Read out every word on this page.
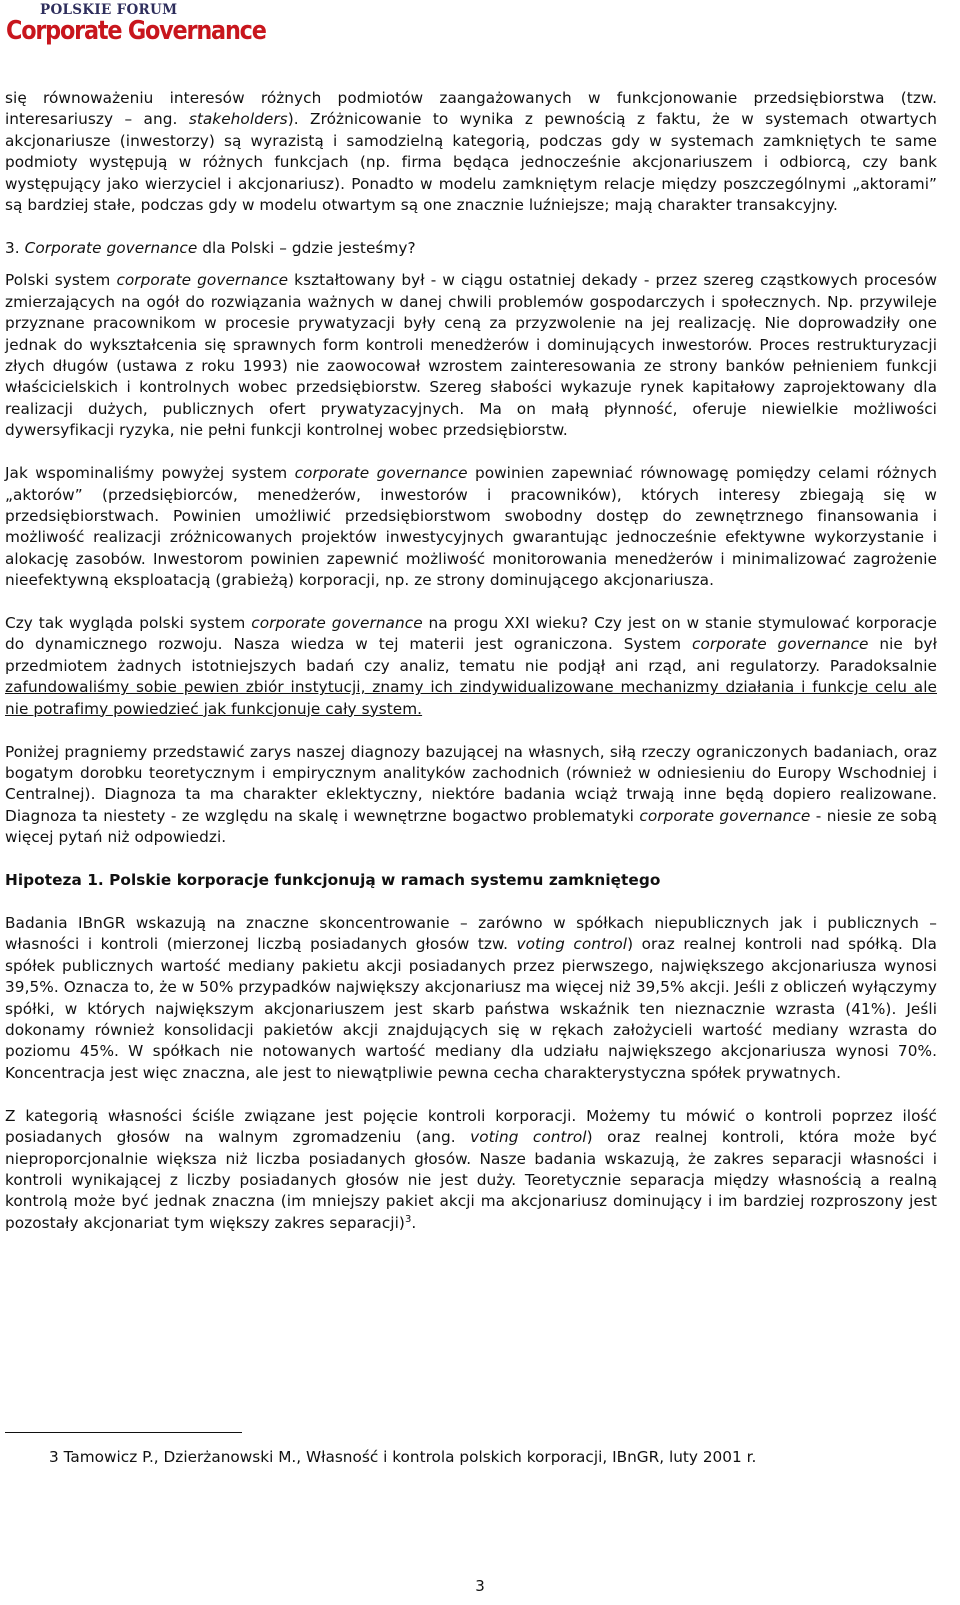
POLSKIE FORUM
Corporate Governance

się równoważeniu interesów różnych podmiotów zaangażowanych w funkcjonowanie przedsiębiorstwa (tzw. interesariuszy – ang. stakeholders). Zróżnicowanie to wynika z pewnością z faktu, że w systemach otwartych akcjonariusze (inwestorzy) są wyrazistą i samodzielną kategorią, podczas gdy w systemach zamkniętych te same podmioty występują w różnych funkcjach (np. firma będąca jednocześnie akcjonariuszem i odbiorcą, czy bank występujący jako wierzyciel i akcjonariusz). Ponadto w modelu zamkniętym relacje między poszczególnymi „aktorami” są bardziej stałe, podczas gdy w modelu otwartym są one znacznie luźniejsze; mają charakter transakcyjny.

3. Corporate governance dla Polski – gdzie jesteśmy?

Polski system corporate governance kształtowany był - w ciągu ostatniej dekady - przez szereg cząstkowych procesów zmierzających na ogół do rozwiązania ważnych w danej chwili problemów gospodarczych i społecznych. Np. przywileje przyznane pracownikom w procesie prywatyzacji były ceną za przyzwolenie na jej realizację. Nie doprowadziły one jednak do wykształcenia się sprawnych form kontroli menedżerów i dominujących inwestorów. Proces restrukturyzacji złych długów (ustawa z roku 1993) nie zaowocował wzrostem zainteresowania ze strony banków pełnieniem funkcji właścicielskich i kontrolnych wobec przedsiębiorstw. Szereg słabości wykazuje rynek kapitałowy zaprojektowany dla realizacji dużych, publicznych ofert prywatyzacyjnych. Ma on małą płynność, oferuje niewielkie możliwości dywersyfikacji ryzyka, nie pełni funkcji kontrolnej wobec przedsiębiorstw.

Jak wspominaliśmy powyżej system corporate governance powinien zapewniać równowagę pomiędzy celami różnych „aktorów” (przedsiębiorców, menedżerów, inwestorów i pracowników), których interesy zbiegają się w przedsiębiorstwach. Powinien umożliwić przedsiębiorstwom swobodny dostęp do zewnętrznego finansowania i możliwość realizacji zróżnicowanych projektów inwestycyjnych gwarantując jednocześnie efektywne wykorzystanie i alokację zasobów. Inwestorom powinien zapewnić możliwość monitorowania menedżerów i minimalizować zagrożenie nieefektywną eksploatacją (grabieżą) korporacji, np. ze strony dominującego akcjonariusza.

Czy tak wygląda polski system corporate governance na progu XXI wieku? Czy jest on w stanie stymulować korporacje do dynamicznego rozwoju. Nasza wiedza w tej materii jest ograniczona. System corporate governance nie był przedmiotem żadnych istotniejszych badań czy analiz, tematu nie podjął ani rząd, ani regulatorzy. Paradoksalnie zafundowaliśmy sobie pewien zbiór instytucji, znamy ich zindywidualizowane mechanizmy działania i funkcje celu ale nie potrafimy powiedzieć jak funkcjonuje cały system.

Poniżej pragniemy przedstawić zarys naszej diagnozy bazującej na własnych, siłą rzeczy ograniczonych badaniach, oraz bogatym dorobku teoretycznym i empirycznym analityków zachodnich (również w odniesieniu do Europy Wschodniej i Centralnej). Diagnoza ta ma charakter eklektyczny, niektóre badania wciąż trwają inne będą dopiero realizowane. Diagnoza ta niestety - ze względu na skalę i wewnętrzne bogactwo problematyki corporate governance - niesie ze sobą więcej pytań niż odpowiedzi.

Hipoteza 1. Polskie korporacje funkcjonują w ramach systemu zamkniętego

Badania IBnGR wskazują na znaczne skoncentrowanie – zarówno w spółkach niepublicznych jak i publicznych – własności i kontroli (mierzonej liczbą posiadanych głosów tzw. voting control) oraz realnej kontroli nad spółką. Dla spółek publicznych wartość mediany pakietu akcji posiadanych przez pierwszego, największego akcjonariusza wynosi 39,5%. Oznacza to, że w 50% przypadków największy akcjonariusz ma więcej niż 39,5% akcji. Jeśli z obliczeń wyłączymy spółki, w których największym akcjonariuszem jest skarb państwa wskaźnik ten nieznacznie wzrasta (41%). Jeśli dokonamy również konsolidacji pakietów akcji znajdujących się w rękach założycieli wartość mediany wzrasta do poziomu 45%. W spółkach nie notowanych wartość mediany dla udziału największego akcjonariusza wynosi 70%. Koncentracja jest więc znaczna, ale jest to niewątpliwie pewna cecha charakterystyczna spółek prywatnych.

Z kategorią własności ściśle związane jest pojęcie kontroli korporacji. Możemy tu mówić o kontroli poprzez ilość posiadanych głosów na walnym zgromadzeniu (ang. voting control) oraz realnej kontroli, która może być nieproporcjonalnie większa niż liczba posiadanych głosów. Nasze badania wskazują, że zakres separacji własności i kontroli wynikającej z liczby posiadanych głosów nie jest duży. Teoretycznie separacja między własnością a realną kontrolą może być jednak znaczna (im mniejszy pakiet akcji ma akcjonariusz dominujący i im bardziej rozproszony jest pozostały akcjonariat tym większy zakres separacji)$^3$.

3 Tamowicz P., Dzierżanowski M., Własność i kontrola polskich korporacji, IBnGR, luty 2001 r.
3
